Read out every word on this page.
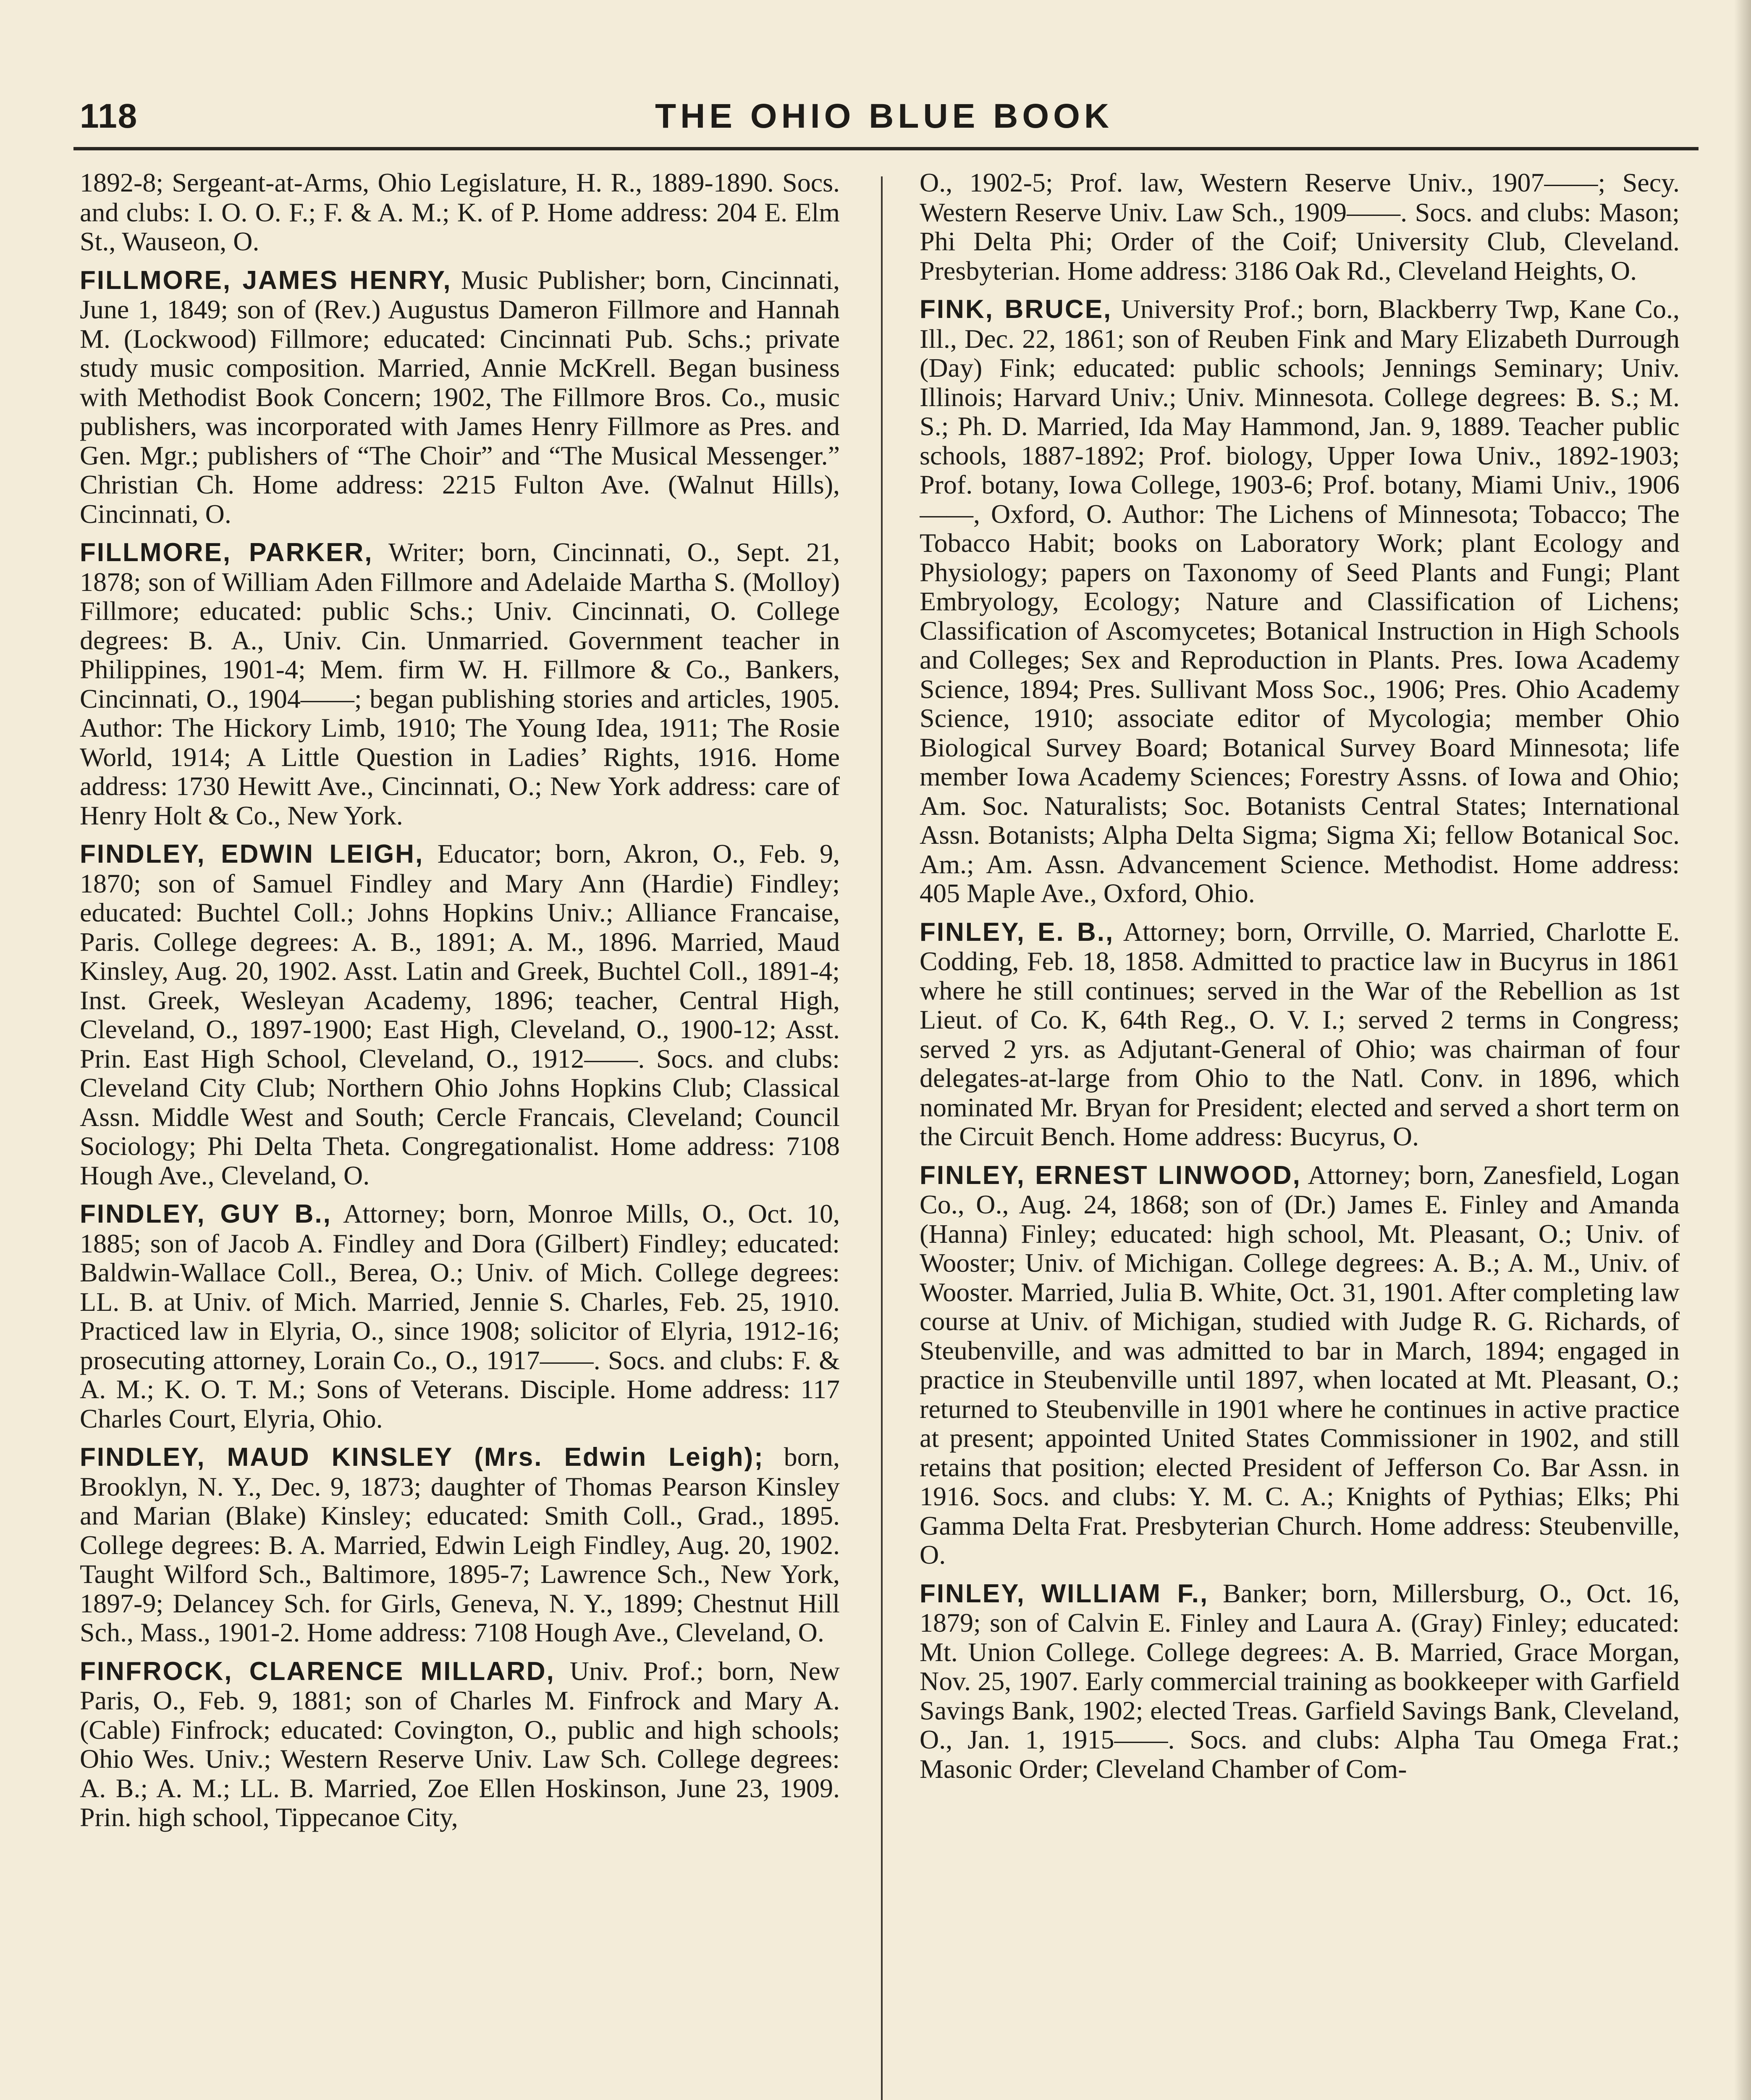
118	THE OHIO BLUE BOOK

1892-8; Sergeant-at-Arms, Ohio Legislature, H. R., 1889-1890. Socs. and clubs: I. O. O. F.; F. & A. M.; K. of P. Home address: 204 E. Elm St., Wauseon, O.

FILLMORE, JAMES HENRY, Music Publisher; born, Cincinnati, June 1, 1849; son of (Rev.) Augustus Dameron Fillmore and Hannah M. (Lockwood) Fillmore; educated: Cincinnati Pub. Schs.; private study music composition. Married, Annie McKrell. Began business with Methodist Book Concern; 1902, The Fillmore Bros. Co., music publishers, was incorporated with James Henry Fillmore as Pres. and Gen. Mgr.; publishers of “The Choir” and “The Musical Messenger.” Christian Ch. Home address: 2215 Fulton Ave. (Walnut Hills), Cincinnati, O.

FILLMORE, PARKER, Writer; born, Cincinnati, O., Sept. 21, 1878; son of William Aden Fillmore and Adelaide Martha S. (Molloy) Fillmore; educated: public Schs.; Univ. Cincinnati, O. College degrees: B. A., Univ. Cin. Unmarried. Government teacher in Philippines, 1901-4; Mem. firm W. H. Fillmore & Co., Bankers, Cincinnati, O., 1904——; began publishing stories and articles, 1905. Author: The Hickory Limb, 1910; The Young Idea, 1911; The Rosie World, 1914; A Little Question in Ladies’ Rights, 1916. Home address: 1730 Hewitt Ave., Cincinnati, O.; New York address: care of Henry Holt & Co., New York.

FINDLEY, EDWIN LEIGH, Educator; born, Akron, O., Feb. 9, 1870; son of Samuel Findley and Mary Ann (Hardie) Findley; educated: Buchtel Coll.; Johns Hopkins Univ.; Alliance Francaise, Paris. College degrees: A. B., 1891; A. M., 1896. Married, Maud Kinsley, Aug. 20, 1902. Asst. Latin and Greek, Buchtel Coll., 1891-4; Inst. Greek, Wesleyan Academy, 1896; teacher, Central High, Cleveland, O., 1897-1900; East High, Cleveland, O., 1900-12; Asst. Prin. East High School, Cleveland, O., 1912——. Socs. and clubs: Cleveland City Club; Northern Ohio Johns Hopkins Club; Classical Assn. Middle West and South; Cercle Francais, Cleveland; Council Sociology; Phi Delta Theta. Congregationalist. Home address: 7108 Hough Ave., Cleveland, O.

FINDLEY, GUY B., Attorney; born, Monroe Mills, O., Oct. 10, 1885; son of Jacob A. Findley and Dora (Gilbert) Findley; educated: Baldwin-Wallace Coll., Berea, O.; Univ. of Mich. College degrees: LL. B. at Univ. of Mich. Married, Jennie S. Charles, Feb. 25, 1910. Practiced law in Elyria, O., since 1908; solicitor of Elyria, 1912-16; prosecuting attorney, Lorain Co., O., 1917——. Socs. and clubs: F. & A. M.; K. O. T. M.; Sons of Veterans. Disciple. Home address: 117 Charles Court, Elyria, Ohio.

FINDLEY, MAUD KINSLEY (Mrs. Edwin Leigh); born, Brooklyn, N. Y., Dec. 9, 1873; daughter of Thomas Pearson Kinsley and Marian (Blake) Kinsley; educated: Smith Coll., Grad., 1895. College degrees: B. A. Married, Edwin Leigh Findley, Aug. 20, 1902. Taught Wilford Sch., Baltimore, 1895-7; Lawrence Sch., New York, 1897-9; Delancey Sch. for Girls, Geneva, N. Y., 1899; Chestnut Hill Sch., Mass., 1901-2. Home address: 7108 Hough Ave., Cleveland, O.

FINFROCK, CLARENCE MILLARD, Univ. Prof.; born, New Paris, O., Feb. 9, 1881; son of Charles M. Finfrock and Mary A. (Cable) Finfrock; educated: Covington, O., public and high schools; Ohio Wes. Univ.; Western Reserve Univ. Law Sch. College degrees: A. B.; A. M.; LL. B. Married, Zoe Ellen Hoskinson, June 23, 1909. Prin. high school, Tippecanoe City,

O., 1902-5; Prof. law, Western Reserve Univ., 1907——; Secy. Western Reserve Univ. Law Sch., 1909——. Socs. and clubs: Mason; Phi Delta Phi; Order of the Coif; University Club, Cleveland. Presbyterian. Home address: 3186 Oak Rd., Cleveland Heights, O.

FINK, BRUCE, University Prof.; born, Blackberry Twp, Kane Co., Ill., Dec. 22, 1861; son of Reuben Fink and Mary Elizabeth Durrough (Day) Fink; educated: public schools; Jennings Seminary; Univ. Illinois; Harvard Univ.; Univ. Minnesota. College degrees: B. S.; M. S.; Ph. D. Married, Ida May Hammond, Jan. 9, 1889. Teacher public schools, 1887-1892; Prof. biology, Upper Iowa Univ., 1892-1903; Prof. botany, Iowa College, 1903-6; Prof. botany, Miami Univ., 1906——, Oxford, O. Author: The Lichens of Minnesota; Tobacco; The Tobacco Habit; books on Laboratory Work; plant Ecology and Physiology; papers on Taxonomy of Seed Plants and Fungi; Plant Embryology, Ecology; Nature and Classification of Lichens; Classification of Ascomycetes; Botanical Instruction in High Schools and Colleges; Sex and Reproduction in Plants. Pres. Iowa Academy Science, 1894; Pres. Sullivant Moss Soc., 1906; Pres. Ohio Academy Science, 1910; associate editor of Mycologia; member Ohio Biological Survey Board; Botanical Survey Board Minnesota; life member Iowa Academy Sciences; Forestry Assns. of Iowa and Ohio; Am. Soc. Naturalists; Soc. Botanists Central States; International Assn. Botanists; Alpha Delta Sigma; Sigma Xi; fellow Botanical Soc. Am.; Am. Assn. Advancement Science. Methodist. Home address: 405 Maple Ave., Oxford, Ohio.

FINLEY, E. B., Attorney; born, Orrville, O. Married, Charlotte E. Codding, Feb. 18, 1858. Admitted to practice law in Bucyrus in 1861 where he still continues; served in the War of the Rebellion as 1st Lieut. of Co. K, 64th Reg., O. V. I.; served 2 terms in Congress; served 2 yrs. as Adjutant-General of Ohio; was chairman of four delegates-at-large from Ohio to the Natl. Conv. in 1896, which nominated Mr. Bryan for President; elected and served a short term on the Circuit Bench. Home address: Bucyrus, O.

FINLEY, ERNEST LINWOOD, Attorney; born, Zanesfield, Logan Co., O., Aug. 24, 1868; son of (Dr.) James E. Finley and Amanda (Hanna) Finley; educated: high school, Mt. Pleasant, O.; Univ. of Wooster; Univ. of Michigan. College degrees: A. B.; A. M., Univ. of Wooster. Married, Julia B. White, Oct. 31, 1901. After completing law course at Univ. of Michigan, studied with Judge R. G. Richards, of Steubenville, and was admitted to bar in March, 1894; engaged in practice in Steubenville until 1897, when located at Mt. Pleasant, O.; returned to Steubenville in 1901 where he continues in active practice at present; appointed United States Commissioner in 1902, and still retains that position; elected President of Jefferson Co. Bar Assn. in 1916. Socs. and clubs: Y. M. C. A.; Knights of Pythias; Elks; Phi Gamma Delta Frat. Presbyterian Church. Home address: Steubenville, O.

FINLEY, WILLIAM F., Banker; born, Millersburg, O., Oct. 16, 1879; son of Calvin E. Finley and Laura A. (Gray) Finley; educated: Mt. Union College. College degrees: A. B. Married, Grace Morgan, Nov. 25, 1907. Early commercial training as bookkeeper with Garfield Savings Bank, 1902; elected Treas. Garfield Savings Bank, Cleveland, O., Jan. 1, 1915——. Socs. and clubs: Alpha Tau Omega Frat.; Masonic Order; Cleveland Chamber of Com-
